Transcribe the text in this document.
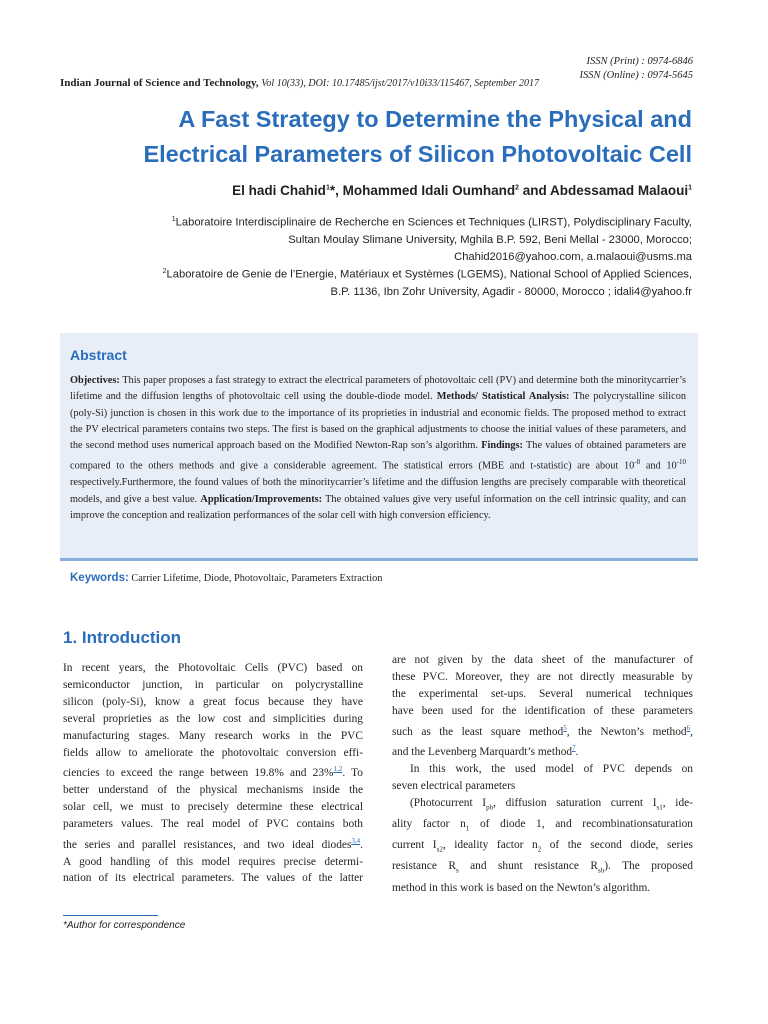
ISSN (Print) : 0974-6846
ISSN (Online) : 0974-5645
Indian Journal of Science and Technology, Vol 10(33), DOI: 10.17485/ijst/2017/v10i33/115467, September 2017
A Fast Strategy to Determine the Physical and
Electrical Parameters of Silicon Photovoltaic Cell
El hadi Chahid$^1$*, Mohammed Idali Oumhand$^2$ and Abdessamad Malaoui$^1$
$^1$Laboratoire Interdisciplinaire de Recherche en Sciences et Techniques (LIRST), Polydisciplinary Faculty,
Sultan Moulay Slimane University, Mghila B.P. 592, Beni Mellal - 23000, Morocco;
Chahid2016@yahoo.com, a.malaoui@usms.ma
$^2$Laboratoire de Genie de l’Energie, Matériaux et Systèmes (LGEMS), National School of Applied Sciences,
B.P. 1136, Ibn Zohr University, Agadir - 80000, Morocco ; idali4@yahoo.fr
Abstract
Objectives: This paper proposes a fast strategy to extract the electrical parameters of photovoltaic cell (PV) and determine both the minoritycarrier’s lifetime and the diffusion lengths of photovoltaic cell using the double-diode model. Methods/ Statistical Analysis: The polycrystalline silicon (poly-Si) junction is chosen in this work due to the importance of its proprieties in industrial and economic fields. The proposed method to extract the PV electrical parameters contains two steps. The first is based on the graphical adjustments to choose the initial values of these parameters, and the second method uses numerical approach based on the Modified Newton-Rap son’s algorithm. Findings: The values of obtained parameters are compared to the others methods and give a considerable agreement. The statistical errors (MBE and t-statistic) are about $10^{-8}$ and $10^{-10}$ respectively.Furthermore, the found values of both the minoritycarrier’s lifetime and the diffusion lengths are precisely comparable with theoretical models, and give a best value. Application/Improvements: The obtained values give very useful information on the cell intrinsic quality, and can improve the conception and realization performances of the solar cell with high conversion efficiency.
Keywords: Carrier Lifetime, Diode, Photovoltaic, Parameters Extraction
1. Introduction
In recent years, the Photovoltaic Cells (PVC) based on
semiconductor junction, in particular on polycrystalline
silicon (poly-Si), know a great focus because they have
several proprieties as the low cost and simplicities during
manufacturing stages. Many research works in the PVC
fields allow to ameliorate the photovoltaic conversion effi-
ciencies to exceed the range between 19.8% and 23%$^{1,2}$. To
better understand of the physical mechanisms inside the
solar cell, we must to precisely determine these electrical
parameters values. The real model of PVC contains both
the series and parallel resistances, and two ideal diodes$^{3,4}$.
A good handling of this model requires precise determi-
nation of its electrical parameters. The values of the latter
are not given by the data sheet of the manufacturer of
these PVC. Moreover, they are not directly measurable by
the experimental set-ups. Several numerical techniques
have been used for the identification of these parameters
such as the least square method$^5$, the Newton’s method$^6$,
and the Levenberg Marquardt’s method$^7$.
In this work, the used model of PVC depends on
seven electrical parameters
(Photocurrent $I_{ph}$, diffusion saturation current $I_{s1}$, ide-
ality factor $n_1$ of diode 1, and recombinationsaturation
current $I_{s2}$, ideality factor $n_2$ of the second diode, series
resistance $R_s$ and shunt resistance $R_{sh}$). The proposed
method in this work is based on the Newton’s algorithm.
*Author for correspondence
